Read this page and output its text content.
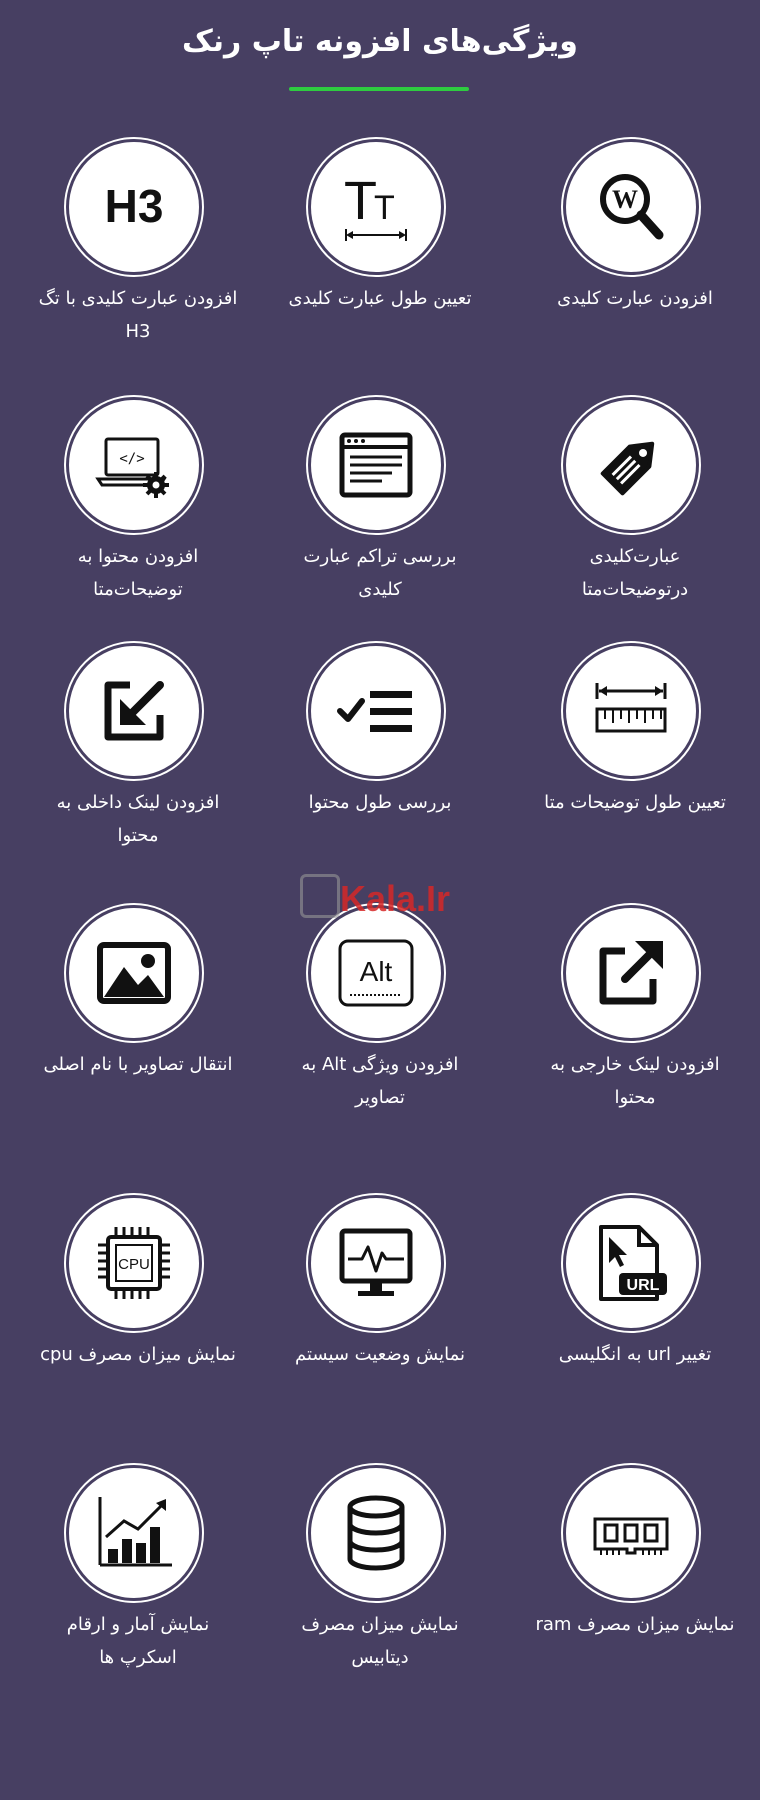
ویژگی‌های افزونه تاپ رنک
W
افزودن عبارت کلیدی
T
T
تعیین طول عبارت کلیدی
H3
افزودن عبارت کلیدی با تگ H3
عبارت‌کلیدی درتوضیحات‌متا
بررسی تراکم عبارت کلیدی
</>
افزودن محتوا به توضیحات‌متا
تعیین طول توضیحات متا
بررسی طول محتوا
افزودن لینک داخلی به محتوا
افزودن لینک خارجی به محتوا
Alt
افزودن ویژگی Alt به تصاویر
انتقال تصاویر با نام اصلی
URL
تغییر url به انگلیسی
نمایش وضعیت سیستم
CPU
نمایش میزان مصرف cpu
نمایش میزان مصرف ram
نمایش میزان مصرف دیتابیس
نمایش آمار و ارقام اسکرپ ها
Kala.Ir
